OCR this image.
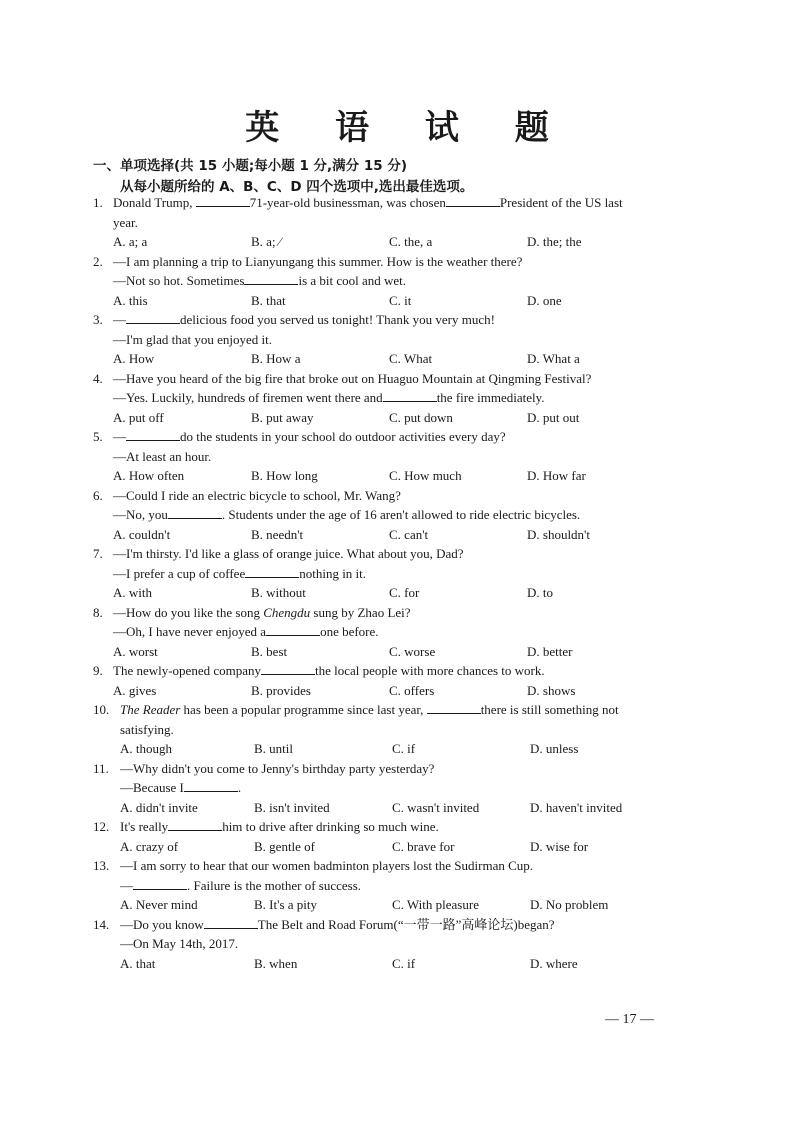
英 语 试 题
一、单项选择(共 15 小题;每小题 1 分,满分 15 分)
从每小题所给的 A、B、C、D 四个选项中,选出最佳选项。
1. Donald Trump,	71-year-old businessman, was chosen	President of the US last
year.
A. a; a	B. a; ∕	C. the, a	D. the; the
2. —I am planning a trip to Lianyungang this summer. How is the weather there?
—Not so hot. Sometimes	is a bit cool and wet.
A. this	B. that	C. it	D. one
3. —	delicious food you served us tonight! Thank you very much!
—I'm glad that you enjoyed it.
A. How	B. How a	C. What	D. What a
4. —Have you heard of the big fire that broke out on Huaguo Mountain at Qingming Festival?
—Yes. Luckily, hundreds of firemen went there and	the fire immediately.
A. put off	B. put away	C. put down	D. put out
5. —	do the students in your school do outdoor activities every day?
—At least an hour.
A. How often	B. How long	C. How much	D. How far
6. —Could I ride an electric bicycle to school, Mr. Wang?
—No, you	. Students under the age of 16 aren't allowed to ride electric bicycles.
A. couldn't	B. needn't	C. can't	D. shouldn't
7. —I'm thirsty. I'd like a glass of orange juice. What about you, Dad?
—I prefer a cup of coffee	nothing in it.
A. with	B. without	C. for	D. to
8. —How do you like the song Chengdu sung by Zhao Lei?
—Oh, I have never enjoyed a	one before.
A. worst	B. best	C. worse	D. better
9. The newly-opened company	the local people with more chances to work.
A. gives	B. provides	C. offers	D. shows
10. The Reader has been a popular programme since last year,	there is still something not
satisfying.
A. though	B. until	C. if	D. unless
11. —Why didn't you come to Jenny's birthday party yesterday?
—Because I	.
A. didn't invite	B. isn't invited	C. wasn't invited	D. haven't invited
12. It's really	him to drive after drinking so much wine.
A. crazy of	B. gentle of	C. brave for	D. wise for
13. —I am sorry to hear that our women badminton players lost the Sudirman Cup.
—	. Failure is the mother of success.
A. Never mind	B. It's a pity	C. With pleasure	D. No problem
14. —Do you know	The Belt and Road Forum(“一带一路”高峰论坛)began?
—On May 14th, 2017.
A. that	B. when	C. if	D. where
— 17 —
